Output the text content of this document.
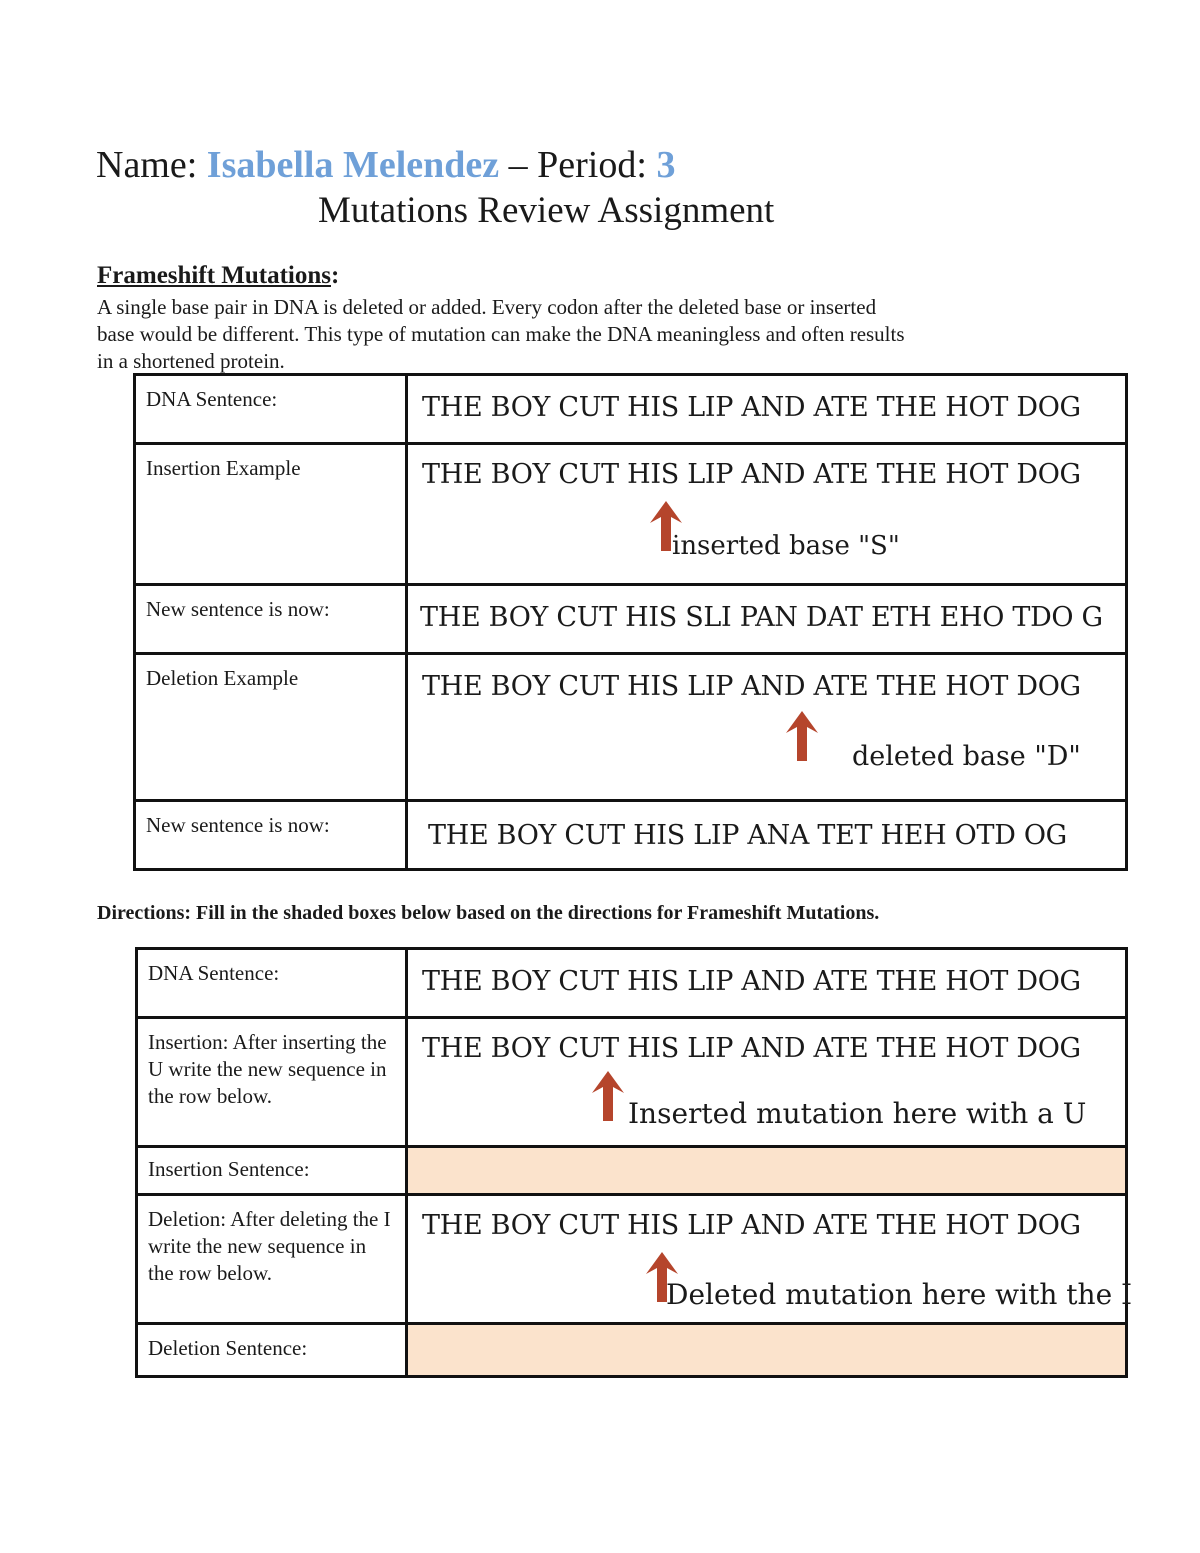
Name: Isabella Melendez – Period: 3
Mutations Review Assignment
Frameshift Mutations:

A single base pair in DNA is deleted or added. Every codon after the deleted base or inserted

base would be different. This type of mutation can make the DNA meaningless and often results

in a shortened protein.

DNA Sentence:	THE BOY CUT HIS LIP AND ATE THE HOT DOG

Insertion Example	THE BOY CUT HIS LIP AND ATE THE HOT DOG
inserted base "S"

New sentence is now:	THE BOY CUT HIS SLI PAN DAT ETH EHO TDO G

Deletion Example	THE BOY CUT HIS LIP AND ATE THE HOT DOG
deleted base "D"

New sentence is now:	THE BOY CUT HIS LIP ANA TET HEH OTD OG
Directions: Fill in the shaded boxes below based on the directions for Frameshift Mutations.
DNA Sentence:	THE BOY CUT HIS LIP AND ATE THE HOT DOG

Insertion: After inserting the U write the new sequence in the row below.	THE BOY CUT HIS LIP AND ATE THE HOT DOG
Inserted mutation here with a U

Insertion Sentence:	
Deletion: After deleting the I write the new sequence in the row below.	THE BOY CUT HIS LIP AND ATE THE HOT DOG
Deleted mutation here with the I

Deletion Sentence:	
